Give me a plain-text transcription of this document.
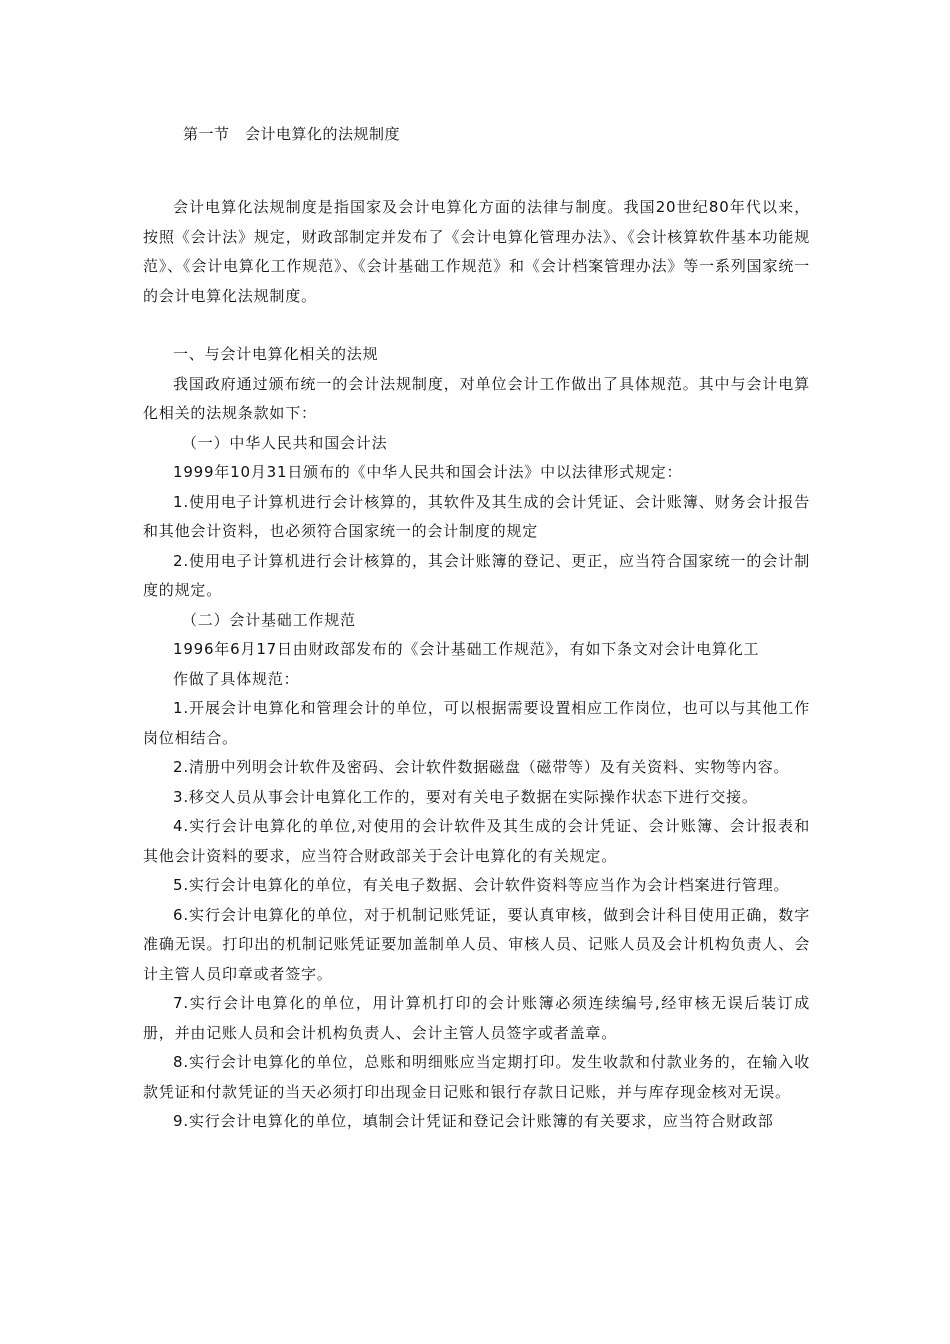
第一节　会计电算化的法规制度

会计电算化法规制度是指国家及会计电算化方面的法律与制度。我国20世纪80年代以来，按照《会计法》规定，财政部制定并发布了《会计电算化管理办法》、《会计核算软件基本功能规范》、《会计电算化工作规范》、《会计基础工作规范》和《会计档案管理办法》等一系列国家统一的会计电算化法规制度。

一、与会计电算化相关的法规

我国政府通过颁布统一的会计法规制度，对单位会计工作做出了具体规范。其中与会计电算化相关的法规条款如下：

（一）中华人民共和国会计法

1999年10月31日颁布的《中华人民共和国会计法》中以法律形式规定：

1.使用电子计算机进行会计核算的，其软件及其生成的会计凭证、会计账簿、财务会计报告和其他会计资料，也必须符合国家统一的会计制度的规定

2.使用电子计算机进行会计核算的，其会计账簿的登记、更正，应当符合国家统一的会计制度的规定。

（二）会计基础工作规范

1996年6月17日由财政部发布的《会计基础工作规范》，有如下条文对会计电算化工

作做了具体规范：

1.开展会计电算化和管理会计的单位，可以根据需要设置相应工作岗位，也可以与其他工作岗位相结合。

2.清册中列明会计软件及密码、会计软件数据磁盘（磁带等）及有关资料、实物等内容。

3.移交人员从事会计电算化工作的，要对有关电子数据在实际操作状态下进行交接。

4.实行会计电算化的单位,对使用的会计软件及其生成的会计凭证、会计账簿、会计报表和其他会计资料的要求，应当符合财政部关于会计电算化的有关规定。

5.实行会计电算化的单位，有关电子数据、会计软件资料等应当作为会计档案进行管理。

6.实行会计电算化的单位，对于机制记账凭证，要认真审核，做到会计科目使用正确，数字准确无误。打印出的机制记账凭证要加盖制单人员、审核人员、记账人员及会计机构负责人、会计主管人员印章或者签字。

7.实行会计电算化的单位，用计算机打印的会计账簿必须连续编号,经审核无误后装订成册，并由记账人员和会计机构负责人、会计主管人员签字或者盖章。

8.实行会计电算化的单位，总账和明细账应当定期打印。发生收款和付款业务的，在输入收款凭证和付款凭证的当天必须打印出现金日记账和银行存款日记账，并与库存现金核对无误。

9.实行会计电算化的单位，填制会计凭证和登记会计账簿的有关要求，应当符合财政部
